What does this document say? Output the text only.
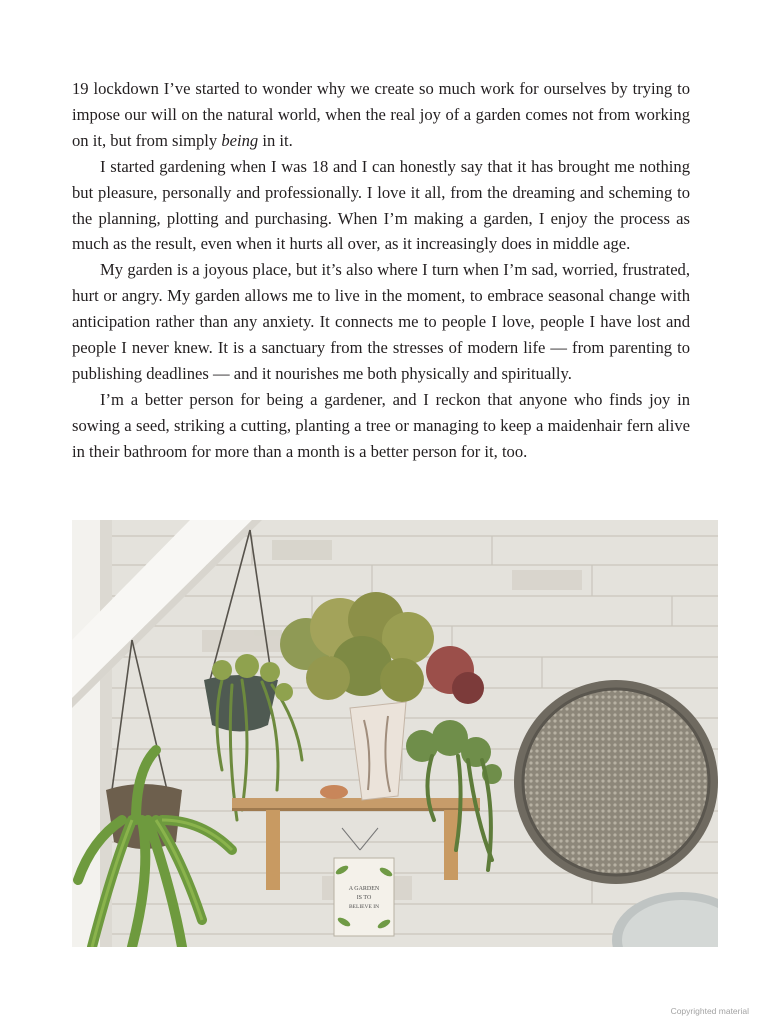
19 lockdown I’ve started to wonder why we create so much work for ourselves by trying to impose our will on the natural world, when the real joy of a garden comes not from working on it, but from simply being in it.

I started gardening when I was 18 and I can honestly say that it has brought me nothing but pleasure, personally and professionally. I love it all, from the dreaming and scheming to the planning, plotting and purchasing. When I’m making a garden, I enjoy the process as much as the result, even when it hurts all over, as it increasingly does in middle age.

My garden is a joyous place, but it’s also where I turn when I’m sad, worried, frustrated, hurt or angry. My garden allows me to live in the moment, to embrace seasonal change with anticipation rather than any anxiety. It connects me to people I love, people I have lost and people I never knew. It is a sanctuary from the stresses of modern life — from parenting to publishing deadlines — and it nourishes me both physically and spiritually.

I’m a better person for being a gardener, and I reckon that anyone who finds joy in sowing a seed, striking a cutting, planting a tree or managing to keep a maidenhair fern alive in their bathroom for more than a month is a better person for it, too.

A GARDEN
IS TO
BELIEVE IN
Copyrighted material
